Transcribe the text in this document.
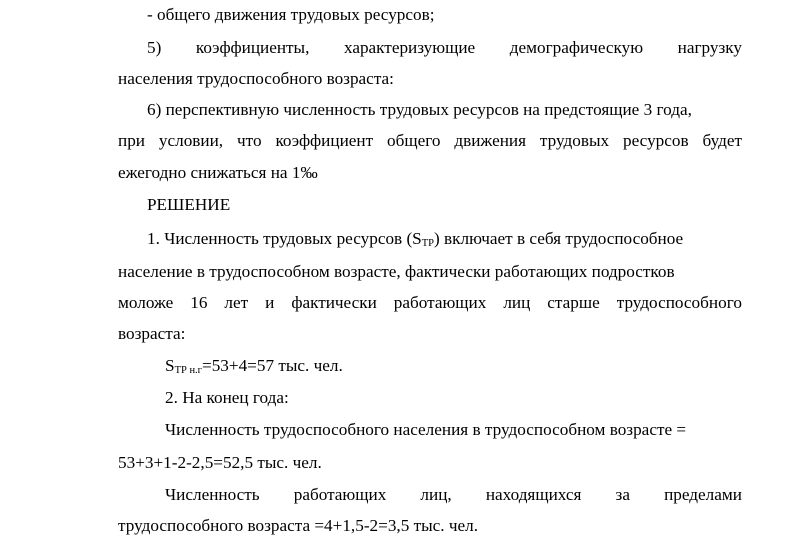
- общего движения трудовых ресурсов;
5) коэффициенты, характеризующие демографическую нагрузку
населения трудоспособного возраста:
6) перспективную численность трудовых ресурсов на предстоящие 3 года,
при условии, что коэффициент общего движения трудовых ресурсов будет
ежегодно снижаться на 1‰
РЕШЕНИЕ
1. Численность трудовых ресурсов $(S_{ТР})$ включает в себя трудоспособное
население в трудоспособном возрасте, фактически работающих подростков
моложе 16 лет и фактически работающих лиц старше трудоспособного
возраста:
$S_{ТР н.г}=53+4=57$ тыс. чел.
2. На конец года:
Численность трудоспособного населения в трудоспособном возрасте =
53+3+1-2-2,5=52,5 тыс. чел.
Численность работающих лиц, находящихся за пределами
трудоспособного возраста =4+1,5-2=3,5 тыс. чел.
